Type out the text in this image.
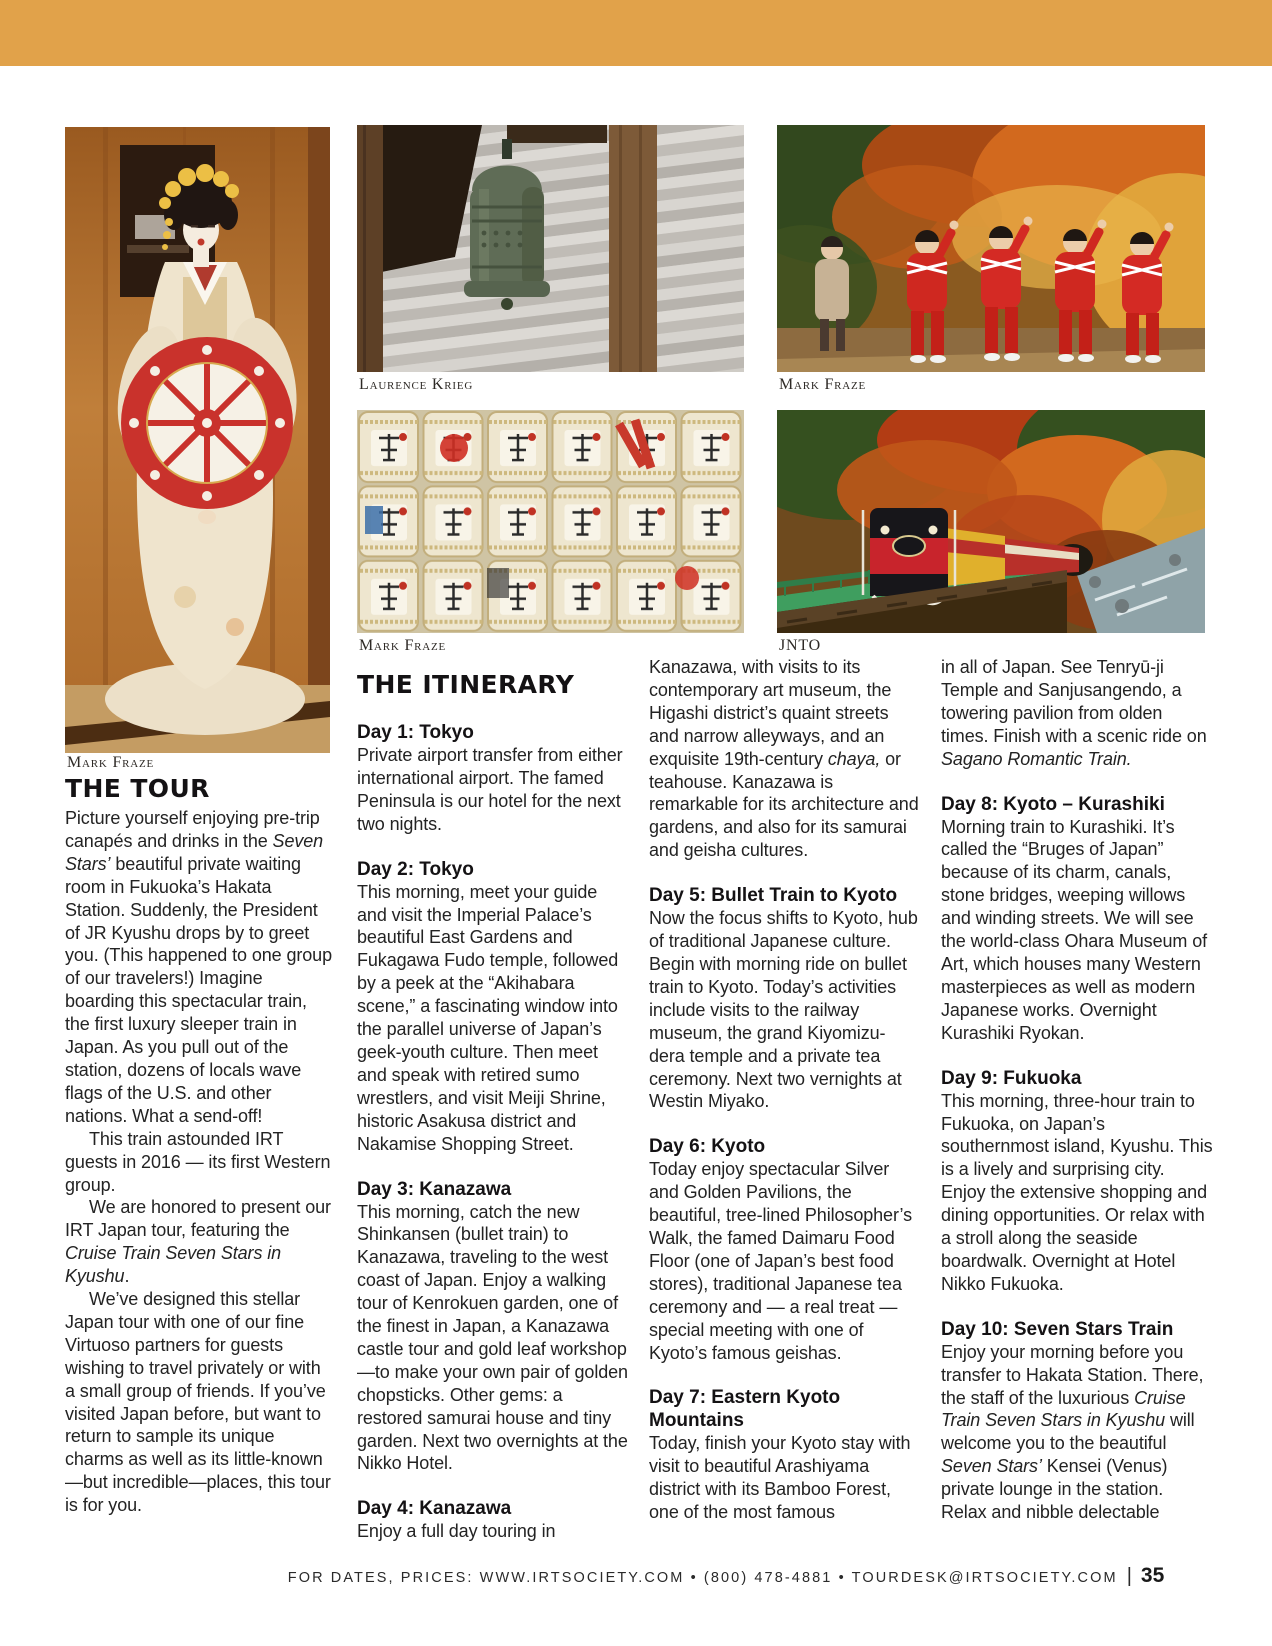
Mark Fraze
Laurence Krieg	Mark Fraze
Mark Fraze	JNTO
THE TOUR

Picture yourself enjoying pre-trip canapés and drinks in the Seven Stars’ beautiful private waiting room in Fukuoka’s Hakata Station. Suddenly, the President of JR Kyushu drops by to greet you. (This happened to one group of our travelers!) Imagine boarding this spectacular train, the first luxury sleeper train in Japan. As you pull out of the station, dozens of locals wave flags of the U.S. and other nations. What a send-off!

This train astounded IRT guests in 2016 — its first Western group.

We are honored to present our IRT Japan tour, featuring the Cruise Train Seven Stars in Kyushu.

We’ve designed this stellar Japan tour with one of our fine Virtuoso partners for guests wishing to travel privately or with a small group of friends. If you’ve visited Japan before, but want to return to sample its unique charms as well as its little-known—but incredible—places, this tour is for you.

THE ITINERARY
Day 1: Tokyo

Private airport transfer from either international airport. The famed Peninsula is our hotel for the next two nights.

Day 2: Tokyo

This morning, meet your guide and visit the Imperial Palace’s beautiful East Gardens and Fukagawa Fudo temple, followed by a peek at the “Akihabara scene,” a fascinating window into the parallel universe of Japan’s geek-youth culture. Then meet and speak with retired sumo wrestlers, and visit Meiji Shrine, historic Asakusa district and Nakamise Shopping Street.

Day 3: Kanazawa

This morning, catch the new Shinkansen (bullet train) to Kanazawa, traveling to the west coast of Japan. Enjoy a walking tour of Kenrokuen garden, one of the finest in Japan, a Kanazawa castle tour and gold leaf workshop—to make your own pair of golden chopsticks. Other gems: a restored samurai house and tiny garden. Next two overnights at the Nikko Hotel.

Day 4: Kanazawa

Enjoy a full day touring in

Kanazawa, with visits to its contemporary art museum, the Higashi district’s quaint streets and narrow alleyways, and an exquisite 19th-century chaya, or teahouse. Kanazawa is remarkable for its architecture and gardens, and also for its samurai and geisha cultures.

Day 5: Bullet Train to Kyoto

Now the focus shifts to Kyoto, hub of traditional Japanese culture. Begin with morning ride on bullet train to Kyoto. Today’s activities include visits to the railway museum, the grand Kiyomizu-dera temple and a private tea ceremony. Next two vernights at Westin Miyako.

Day 6: Kyoto

Today enjoy spectacular Silver and Golden Pavilions, the beautiful, tree-lined Philosopher’s Walk, the famed Daimaru Food Floor (one of Japan’s best food stores), traditional Japanese tea ceremony and — a real treat — special meeting with one of Kyoto’s famous geishas.

Day 7: Eastern Kyoto Mountains

Today, finish your Kyoto stay with visit to beautiful Arashiyama district with its Bamboo Forest, one of the most famous

in all of Japan. See Tenryū-ji Temple and Sanjusangendo, a towering pavilion from olden times. Finish with a scenic ride on Sagano Romantic Train.

Day 8: Kyoto – Kurashiki

Morning train to Kurashiki. It’s called the “Bruges of Japan” because of its charm, canals, stone bridges, weeping willows and winding streets. We will see the world-class Ohara Museum of Art, which houses many Western masterpieces as well as modern Japanese works. Overnight Kurashiki Ryokan.

Day 9: Fukuoka

This morning, three-hour train to Fukuoka, on Japan’s southernmost island, Kyushu. This is a lively and surprising city. Enjoy the extensive shopping and dining opportunities. Or relax with a stroll along the seaside boardwalk. Overnight at Hotel Nikko Fukuoka.

Day 10: Seven Stars Train

Enjoy your morning before you transfer to Hakata Station. There, the staff of the luxurious Cruise Train Seven Stars in Kyushu will welcome you to the beautiful Seven Stars’ Kensei (Venus) private lounge in the station. Relax and nibble delectable

FOR DATES, PRICES: WWW.IRTSOCIETY.COM • (800) 478-4881 • TOURDESK@IRTSOCIETY.COM | 35
